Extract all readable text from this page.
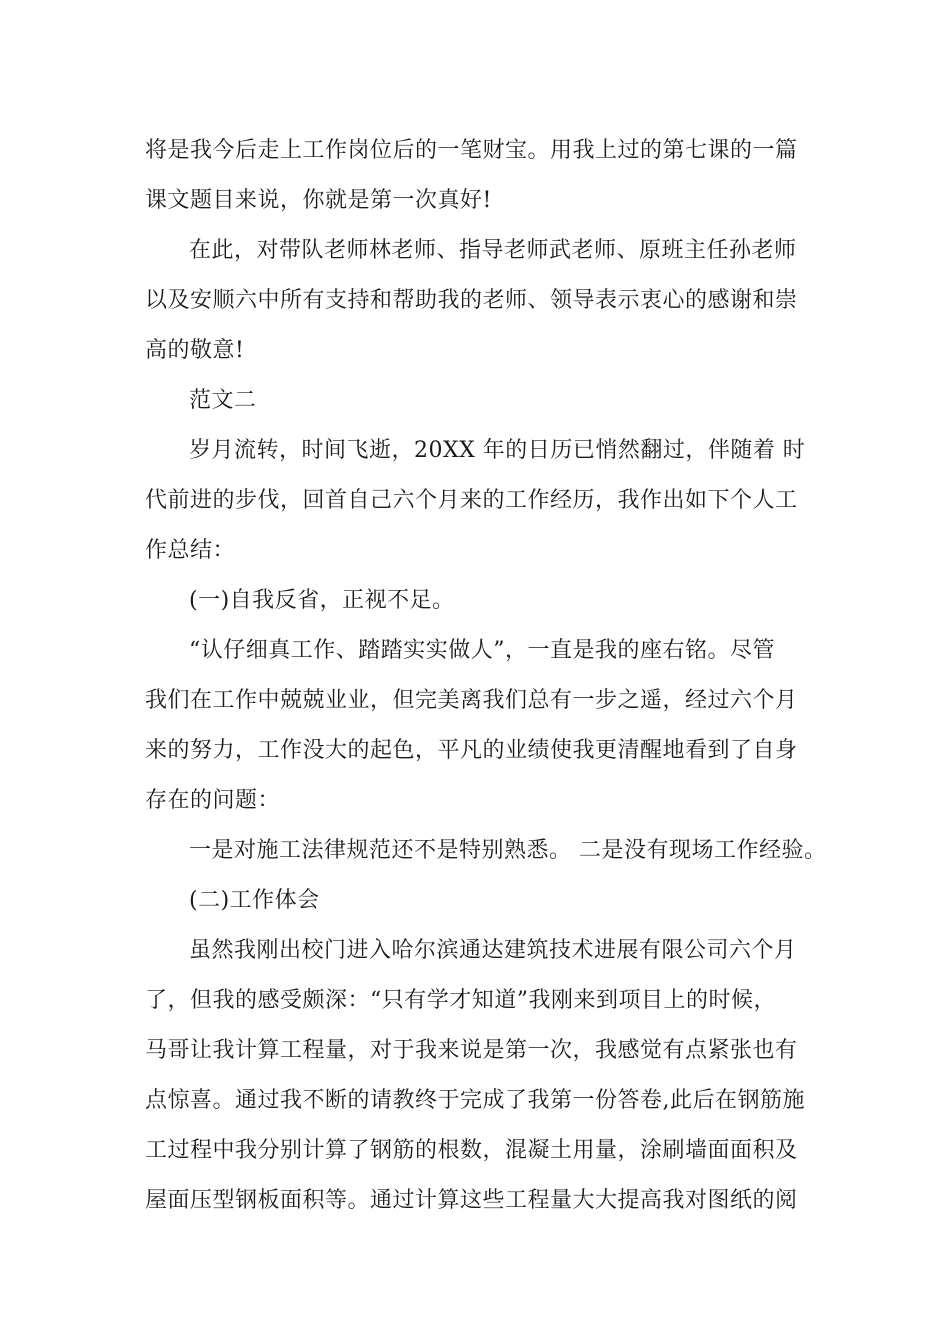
将是我今后走上工作岗位后的一笔财宝。用我上过的第七课的一篇
课文题目来说，你就是第一次真好!
在此，对带队老师林老师、指导老师武老师、原班主任孙老师
以及安顺六中所有支持和帮助我的老师、领导表示衷心的感谢和崇
高的敬意!
范文二
岁月流转，时间飞逝，20XX 年的日历已悄然翻过，伴随着 时
代前进的步伐，回首自己六个月来的工作经历，我作出如下个人工
作总结：
(一)自我反省，正视不足。
“认仔细真工作、踏踏实实做人”，一直是我的座右铭。尽管
我们在工作中兢兢业业，但完美离我们总有一步之遥，经过六个月
来的努力，工作没大的起色，平凡的业绩使我更清醒地看到了自身
存在的问题：
一是对施工法律规范还不是特别熟悉。 二是没有现场工作经验。
(二)工作体会
虽然我刚出校门进入哈尔滨通达建筑技术进展有限公司六个月
了，但我的感受颇深：“只有学才知道”我刚来到项目上的时候，
马哥让我计算工程量，对于我来说是第一次，我感觉有点紧张也有
点惊喜。通过我不断的请教终于完成了我第一份答卷,此后在钢筋施
工过程中我分别计算了钢筋的根数，混凝土用量，涂刷墙面面积及
屋面压型钢板面积等。通过计算这些工程量大大提高我对图纸的阅
